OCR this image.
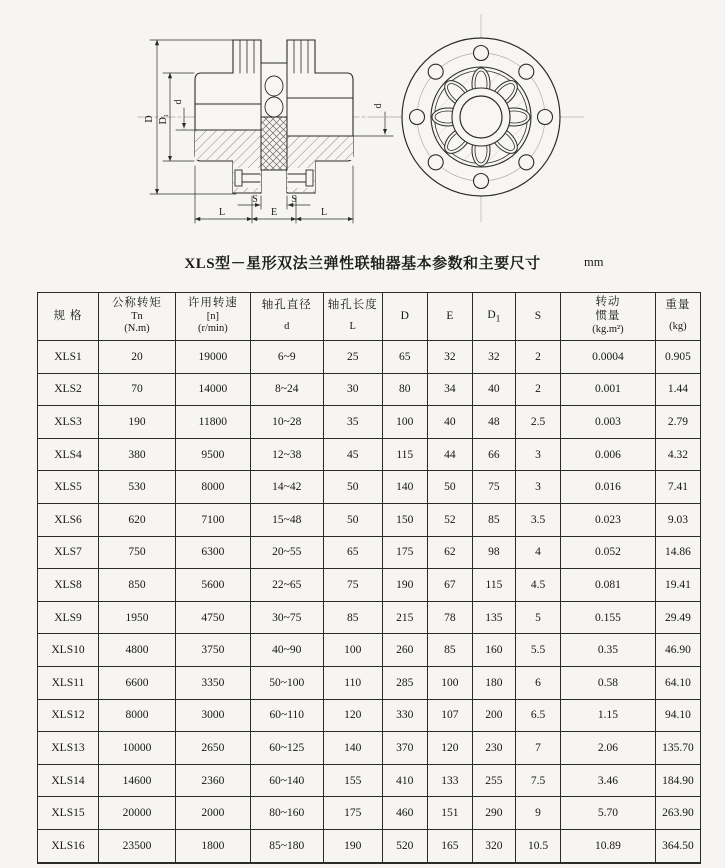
D D₁
d
d
S	S
L	E	L
XLS型－星形双法兰弹性联轴器基本参数和主要尺寸	mm
规 格

公称转矩
Tn
(N.m)

许用转速
[n]
(r/min)

轴孔直径
d

轴孔长度
L
	D	E	$D_1$	S	
转动
惯量
(kg.m²)

重量
(kg)

XLS1	20	19000	6~9	25	65	32	32	2	0.0004	0.905
XLS2	70	14000	8~24	30	80	34	40	2	0.001	1.44
XLS3	190	11800	10~28	35	100	40	48	2.5	0.003	2.79
XLS4	380	9500	12~38	45	115	44	66	3	0.006	4.32
XLS5	530	8000	14~42	50	140	50	75	3	0.016	7.41
XLS6	620	7100	15~48	50	150	52	85	3.5	0.023	9.03
XLS7	750	6300	20~55	65	175	62	98	4	0.052	14.86
XLS8	850	5600	22~65	75	190	67	115	4.5	0.081	19.41
XLS9	1950	4750	30~75	85	215	78	135	5	0.155	29.49
XLS10	4800	3750	40~90	100	260	85	160	5.5	0.35	46.90
XLS11	6600	3350	50~100	110	285	100	180	6	0.58	64.10
XLS12	8000	3000	60~110	120	330	107	200	6.5	1.15	94.10
XLS13	10000	2650	60~125	140	370	120	230	7	2.06	135.70
XLS14	14600	2360	60~140	155	410	133	255	7.5	3.46	184.90
XLS15	20000	2000	80~160	175	460	151	290	9	5.70	263.90
XLS16	23500	1800	85~180	190	520	165	320	10.5	10.89	364.50
